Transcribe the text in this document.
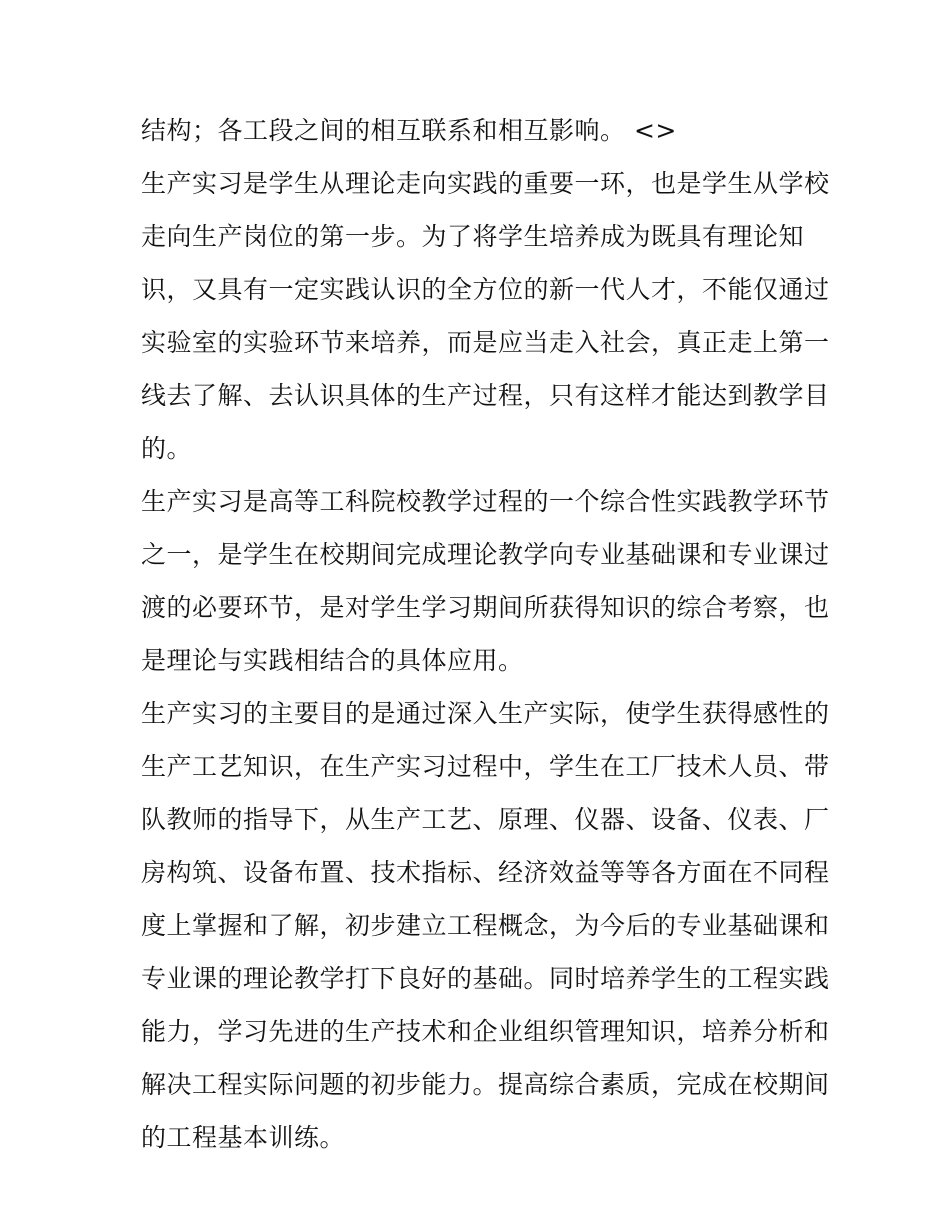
结构；各工段之间的相互联系和相互影响。 <>

生产实习是学生从理论走向实践的重要一环，也是学生从学校
走向生产岗位的第一步。为了将学生培养成为既具有理论知
识，又具有一定实践认识的全方位的新一代人才，不能仅通过
实验室的实验环节来培养，而是应当走入社会，真正走上第一
线去了解、去认识具体的生产过程，只有这样才能达到教学目
的。

生产实习是高等工科院校教学过程的一个综合性实践教学环节
之一，是学生在校期间完成理论教学向专业基础课和专业课过
渡的必要环节，是对学生学习期间所获得知识的综合考察，也
是理论与实践相结合的具体应用。

生产实习的主要目的是通过深入生产实际，使学生获得感性的
生产工艺知识，在生产实习过程中，学生在工厂技术人员、带
队教师的指导下，从生产工艺、原理、仪器、设备、仪表、厂
房构筑、设备布置、技术指标、经济效益等等各方面在不同程
度上掌握和了解，初步建立工程概念，为今后的专业基础课和
专业课的理论教学打下良好的基础。同时培养学生的工程实践
能力，学习先进的生产技术和企业组织管理知识，培养分析和
解决工程实际问题的初步能力。提高综合素质，完成在校期间
的工程基本训练。
